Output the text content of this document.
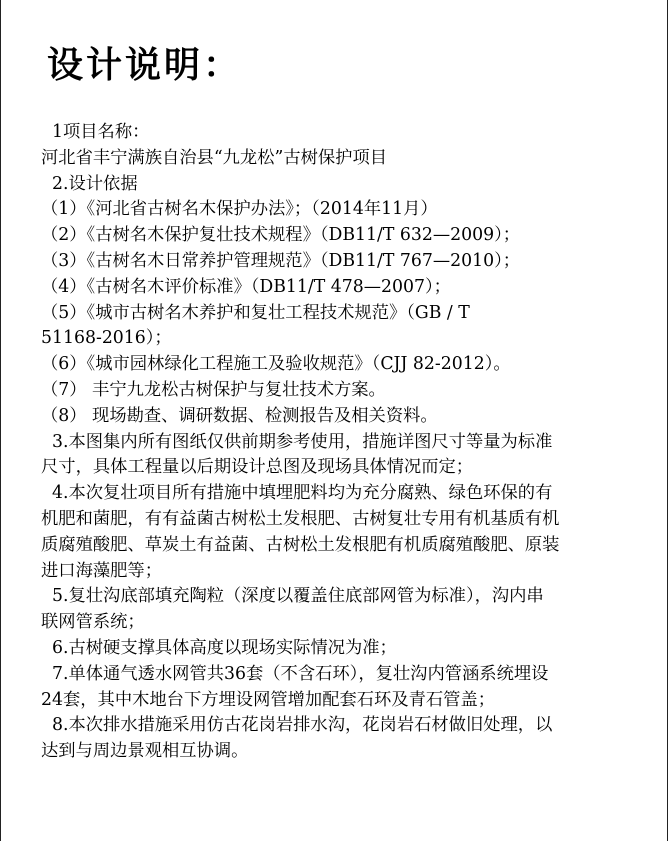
设计说明：

1项目名称：

河北省丰宁满族自治县“九龙松”古树保护项目

2.设计依据

（1）《河北省古树名木保护办法》；（2014年11月）

（2）《古树名木保护复壮技术规程》（DB11/T 632—2009）；

（3）《古树名木日常养护管理规范》（DB11/T 767—2010）；

（4）《古树名木评价标准》（DB11/T 478—2007）；

（5）《城市古树名木养护和复壮工程技术规范》（GB / T

51168-2016）；

（6）《城市园林绿化工程施工及验收规范》（CJJ 82-2012）。

（7） 丰宁九龙松古树保护与复壮技术方案。

（8） 现场勘查、调研数据、检测报告及相关资料。

3.本图集内所有图纸仅供前期参考使用，措施详图尺寸等量为标准

尺寸，具体工程量以后期设计总图及现场具体情况而定；

4.本次复壮项目所有措施中填埋肥料均为充分腐熟、绿色环保的有

机肥和菌肥，有有益菌古树松土发根肥、古树复壮专用有机基质有机

质腐殖酸肥、草炭土有益菌、古树松土发根肥有机质腐殖酸肥、原装

进口海藻肥等；

5.复壮沟底部填充陶粒（深度以覆盖住底部网管为标准），沟内串

联网管系统；

6.古树硬支撑具体高度以现场实际情况为准；

7.单体通气透水网管共36套（不含石环），复壮沟内管涵系统埋设

24套，其中木地台下方埋设网管增加配套石环及青石管盖；

8.本次排水措施采用仿古花岗岩排水沟，花岗岩石材做旧处理，以

达到与周边景观相互协调。
